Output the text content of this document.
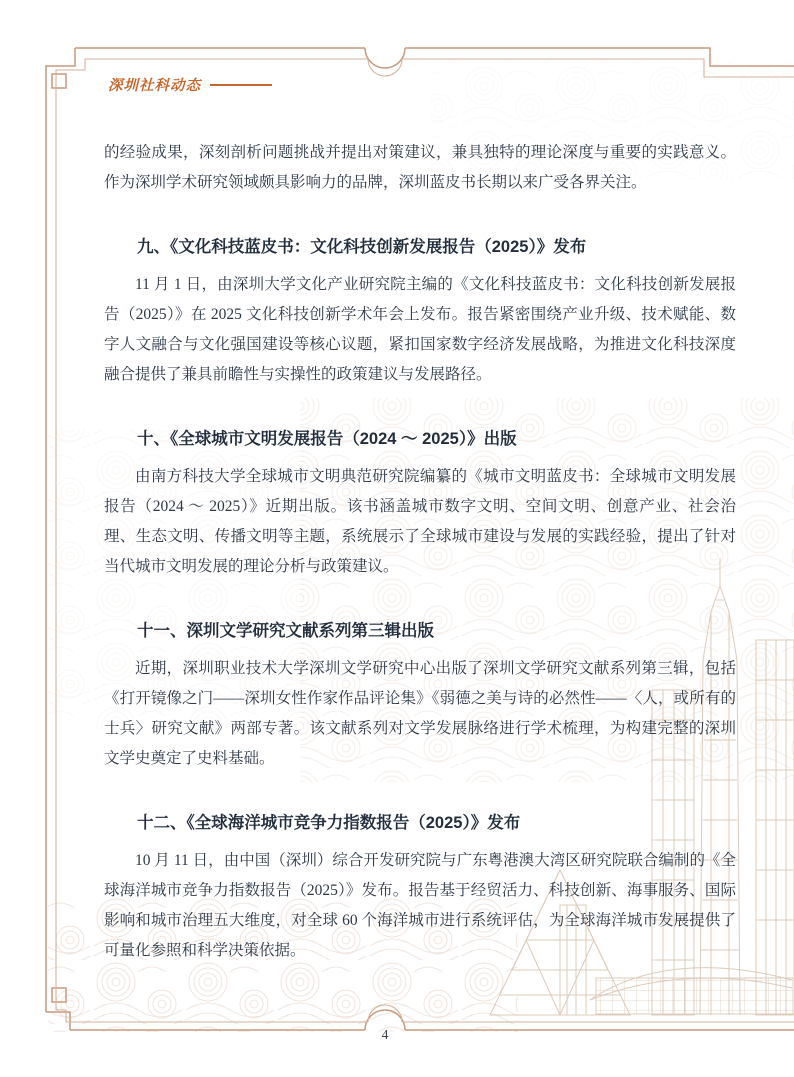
深圳社科动态

的经验成果，深刻剖析问题挑战并提出对策建议，兼具独特的理论深度与重要的实践意义。作为深圳学术研究领域颇具影响力的品牌，深圳蓝皮书长期以来广受各界关注。

九、《文化科技蓝皮书：文化科技创新发展报告（2025）》发布

11 月 1 日，由深圳大学文化产业研究院主编的《文化科技蓝皮书：文化科技创新发展报告（2025）》在 2025 文化科技创新学术年会上发布。报告紧密围绕产业升级、技术赋能、数字人文融合与文化强国建设等核心议题，紧扣国家数字经济发展战略，为推进文化科技深度融合提供了兼具前瞻性与实操性的政策建议与发展路径。

十、《全球城市文明发展报告（2024 ～ 2025）》出版

由南方科技大学全球城市文明典范研究院编纂的《城市文明蓝皮书：全球城市文明发展报告（2024 ～ 2025）》近期出版。该书涵盖城市数字文明、空间文明、创意产业、社会治理、生态文明、传播文明等主题，系统展示了全球城市建设与发展的实践经验，提出了针对当代城市文明发展的理论分析与政策建议。

十一、深圳文学研究文献系列第三辑出版

近期，深圳职业技术大学深圳文学研究中心出版了深圳文学研究文献系列第三辑，包括《打开镜像之门——深圳女性作家作品评论集》《弱德之美与诗的必然性——〈人，或所有的士兵〉研究文献》两部专著。该文献系列对文学发展脉络进行学术梳理，为构建完整的深圳文学史奠定了史料基础。

十二、《全球海洋城市竞争力指数报告（2025）》发布

10 月 11 日，由中国（深圳）综合开发研究院与广东粤港澳大湾区研究院联合编制的《全球海洋城市竞争力指数报告（2025）》发布。报告基于经贸活力、科技创新、海事服务、国际影响和城市治理五大维度，对全球 60 个海洋城市进行系统评估，为全球海洋城市发展提供了可量化参照和科学决策依据。

4
